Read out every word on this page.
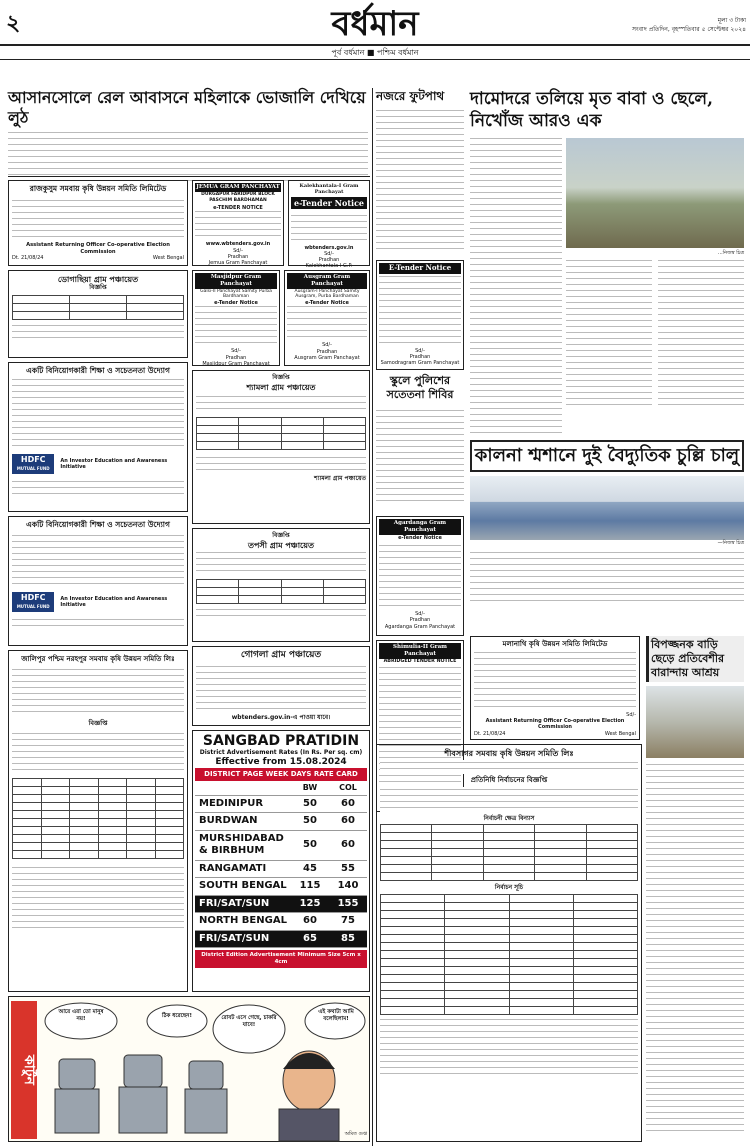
২	বর্ধমান	মূল্য ৩ টাকা
সংবাদ প্রতিদিন, বৃহস্পতিবার ৫ সেপ্টেম্বর ২০২৪
পূর্ব বর্ধমান ■ পশ্চিম বর্ধমান
আসানসোলে রেল আবাসনে মহিলাকে ভোজালি দেখিয়ে লুঠ
রাজকুসুম সমবায় কৃষি উন্নয়ন সমিতি লিমিটেড
Assistant Returning Officer Co-operative Election Commission
Dt. 21/08/24	West Bengal
JEMUA GRAM PANCHAYAT
DURGAPUR FARIDPUR BLOCK PASCHIM BARDHAMAN
e-TENDER NOTICE
www.wbtenders.gov.in
Sd/-
Pradhan
Jemua Gram Panchayat
Kalekhantala-I Gram Panchayat
e-Tender Notice
wbtenders.gov.in
Sd/-
Pradhan
Kalekhantala-I G.P.
ডোগাছিয়া গ্রাম পঞ্চায়েত
বিজ্ঞপ্তি

Masjidpur Gram Panchayat
Galsi-II Panchayat Samity Purba Bardhaman
e-Tender Notice
Sd/-
Pradhan
Masjidpur Gram Panchayat
Ausgram Gram Panchayat
Ausgram-I Panchayat Samity Ausgram, Purba Bardhaman
e-Tender Notice
Sd/-
Pradhan
Ausgram Gram Panchayat
একটি বিনিয়োগকারী শিক্ষা ও সচেতনতা উদ্যোগ
HDFC
MUTUAL FUND
An Investor Education and Awareness Initiative
বিজ্ঞপ্তি
শ্যামলা গ্রাম পঞ্চায়েত

শ্যামলা গ্রাম পঞ্চায়েত
একটি বিনিয়োগকারী শিক্ষা ও সচেতনতা উদ্যোগ
HDFC
MUTUAL FUND
An Investor Education and Awareness Initiative
বিজ্ঞপ্তি
তপসী গ্রাম পঞ্চায়েত

গোগলা গ্রাম পঞ্চায়েত
wbtenders.gov.in-এ পাওয়া যাবে।
জালিপুর পশ্চিম নরহপুর সমবায় কৃষি উন্নয়ন সমিতি লিঃ
বিজ্ঞপ্তি

SANGBAD PRATIDIN
District Advertisement Rates (In Rs. Per sq. cm)
Effective from 15.08.2024
DISTRICT PAGE WEEK DAYS RATE CARD
	BW	COL
MEDINIPUR	50	60
BURDWAN	50	60
MURSHIDABAD & BIRBHUM	50	60
RANGAMATI	45	55
SOUTH BENGAL	115	140
FRI/SAT/SUN	125	155
NORTH BENGAL	60	75
FRI/SAT/SUN	65	85
District Edition Advertisement Minimum Size 5cm x 4cm
কার্টুন
আরে এরা তো মানুষ নয়!	ঠিক ধরেছেন!	রোবট এসে গেছে, চাকরি যাবে!
এই কথাটা আমি বলেছিলাম!
অমিত গুপ্ত
নজরে ফুটপাথ
E-Tender Notice
Sd/-
Pradhan
Samodragram Gram Panchayat
স্কুলে পুলিশের সতেতনা শিবির
Agardanga Gram Panchayat
e-Tender Notice
Sd/-
Pradhan
Agardanga Gram Panchayat
Shimulia-II Gram Panchayat
ABRIDGED TENDER NOTICE
দামোদরে তলিয়ে মৃত বাবা ও ছেলে, নিখোঁজ আরও এক
...নিজস্ব চিত্র
কালনা শ্মশানে দুই বৈদ্যুতিক চুল্লি চালু
—নিজস্ব চিত্র
মলানাথি কৃষি উন্নয়ন সমিতি লিমিটেড
Sd/-
Assistant Returning Officer Co-operative Election Commission
Dt. 21/08/24	West Bengal
বিপজ্জনক বাড়ি ছেড়ে প্রতিবেশীর বারান্দায় আশ্রয়
শীবসাগর সমবায় কৃষি উন্নয়ন সমিতি লিঃ
প্রতিনিধি নির্বাচনের বিজ্ঞপ্তি
নির্বাচনী ক্ষেত্র বিন্যাস

নির্বাচন সূচি
